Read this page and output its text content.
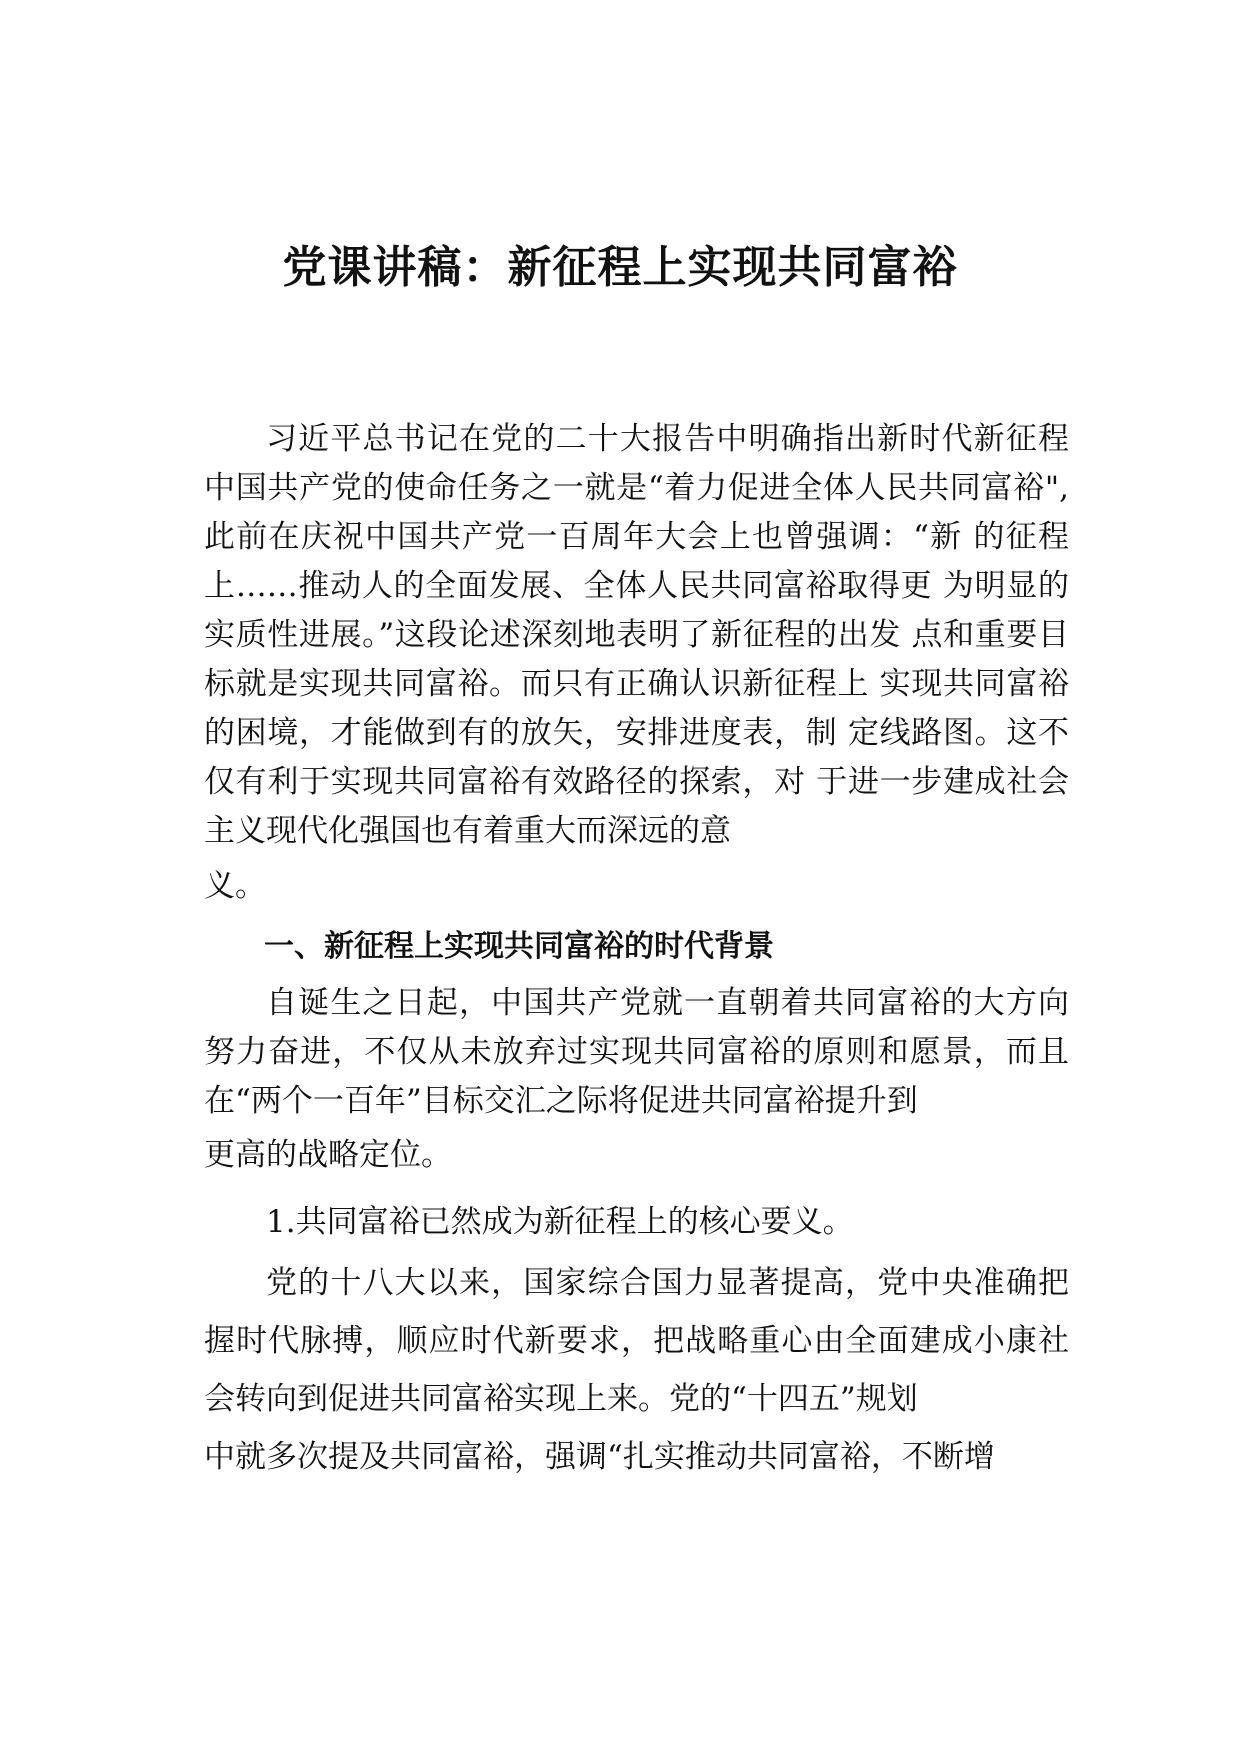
党课讲稿：新征程上实现共同富裕

习近平总书记在党的二十大报告中明确指出新时代新征程中国共产党的使命任务之一就是“着力促进全体人民共同富裕",此前在庆祝中国共产党一百周年大会上也曾强调：“新 的征程上……推动人的全面发展、全体人民共同富裕取得更 为明显的实质性进展。”这段论述深刻地表明了新征程的出发 点和重要目标就是实现共同富裕。而只有正确认识新征程上 实现共同富裕的困境，才能做到有的放矢，安排进度表，制 定线路图。这不仅有利于实现共同富裕有效路径的探索，对 于进一步建成社会主义现代化强国也有着重大而深远的意

义。

一、新征程上实现共同富裕的时代背景

自诞生之日起，中国共产党就一直朝着共同富裕的大方向努力奋进，不仅从未放弃过实现共同富裕的原则和愿景，而且在“两个一百年”目标交汇之际将促进共同富裕提升到

更高的战略定位。

1.共同富裕已然成为新征程上的核心要义。

党的十八大以来，国家综合国力显著提高，党中央准确把握时代脉搏，顺应时代新要求，把战略重心由全面建成小康社会转向到促进共同富裕实现上来。党的“十四五”规划

中就多次提及共同富裕，强调“扎实推动共同富裕，不断增
